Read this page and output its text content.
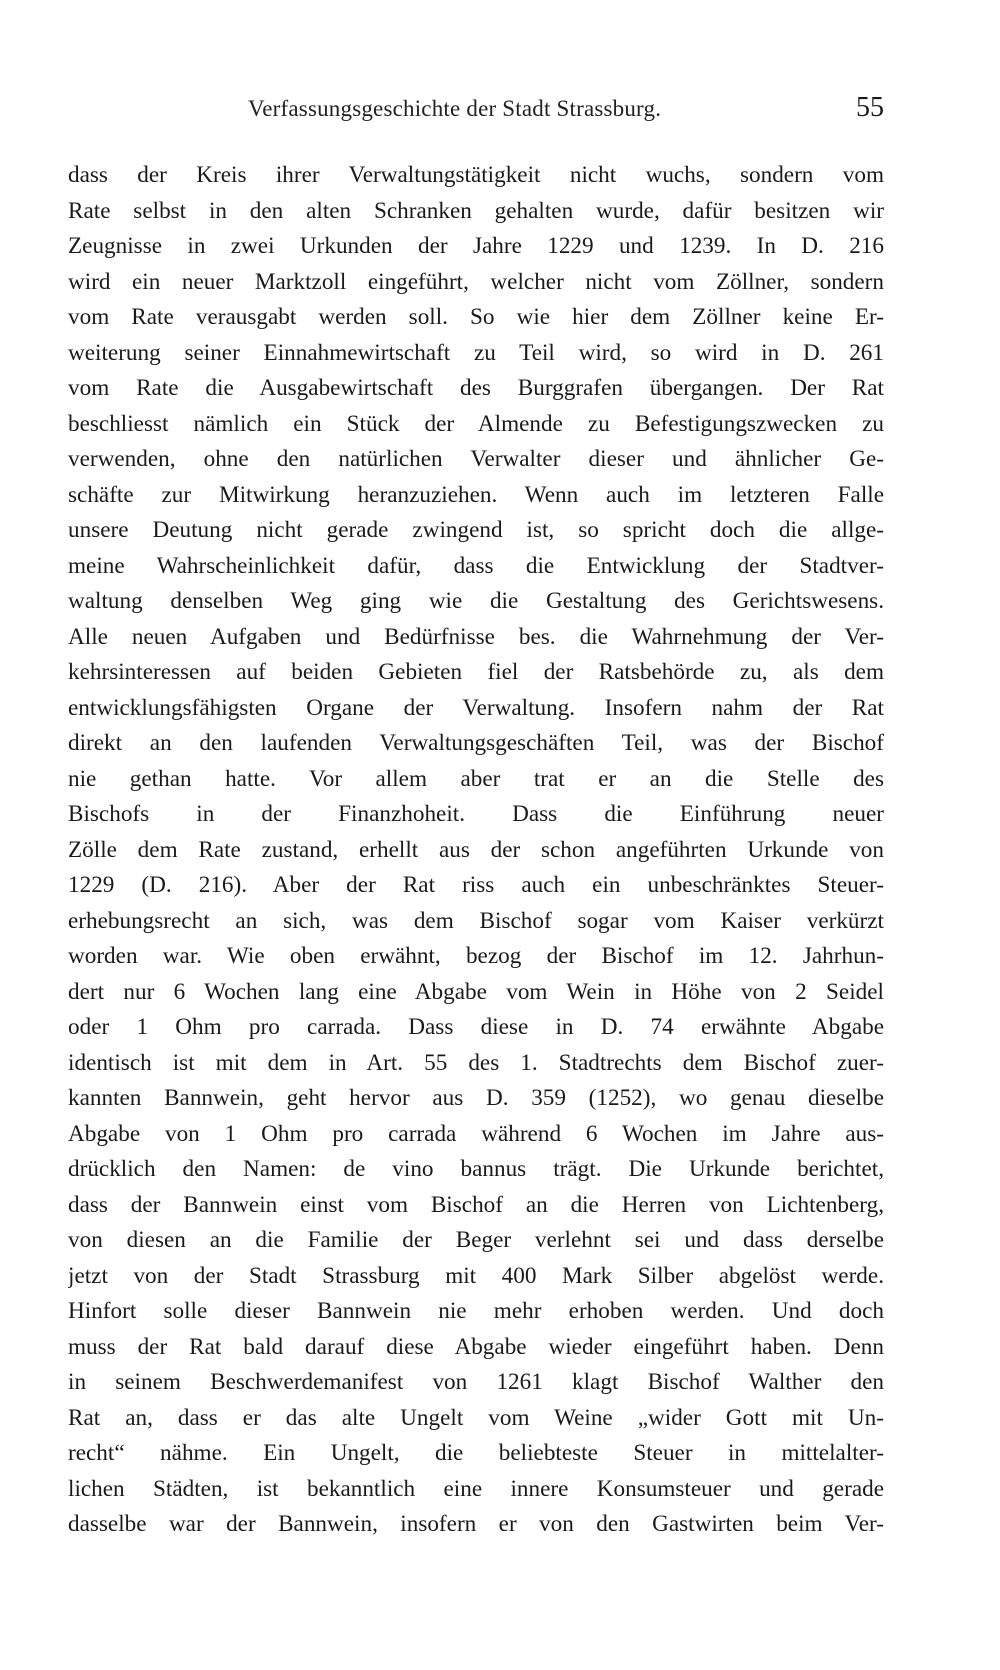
Verfassungsgeschichte der Stadt Strassburg.	55
dass der Kreis ihrer Verwaltungstätigkeit nicht wuchs, sondern vom
Rate selbst in den alten Schranken gehalten wurde, dafür besitzen wir
Zeugnisse in zwei Urkunden der Jahre 1229 und 1239. In D. 216
wird ein neuer Marktzoll eingeführt, welcher nicht vom Zöllner, sondern
vom Rate verausgabt werden soll. So wie hier dem Zöllner keine Er-
weiterung seiner Einnahmewirtschaft zu Teil wird, so wird in D. 261
vom Rate die Ausgabewirtschaft des Burggrafen übergangen. Der Rat
beschliesst nämlich ein Stück der Almende zu Befestigungszwecken zu
verwenden, ohne den natürlichen Verwalter dieser und ähnlicher Ge-
schäfte zur Mitwirkung heranzuziehen. Wenn auch im letzteren Falle
unsere Deutung nicht gerade zwingend ist, so spricht doch die allge-
meine Wahrscheinlichkeit dafür, dass die Entwicklung der Stadtver-
waltung denselben Weg ging wie die Gestaltung des Gerichtswesens.
Alle neuen Aufgaben und Bedürfnisse bes. die Wahrnehmung der Ver-
kehrsinteressen auf beiden Gebieten fiel der Ratsbehörde zu, als dem
entwicklungsfähigsten Organe der Verwaltung. Insofern nahm der Rat
direkt an den laufenden Verwaltungsgeschäften Teil, was der Bischof
nie gethan hatte. Vor allem aber trat er an die Stelle des
Bischofs in der Finanzhoheit. Dass die Einführung neuer
Zölle dem Rate zustand, erhellt aus der schon angeführten Urkunde von
1229 (D. 216). Aber der Rat riss auch ein unbeschränktes Steuer-
erhebungsrecht an sich, was dem Bischof sogar vom Kaiser verkürzt
worden war. Wie oben erwähnt, bezog der Bischof im 12. Jahrhun-
dert nur 6 Wochen lang eine Abgabe vom Wein in Höhe von 2 Seidel
oder 1 Ohm pro carrada. Dass diese in D. 74 erwähnte Abgabe
identisch ist mit dem in Art. 55 des 1. Stadtrechts dem Bischof zuer-
kannten Bannwein, geht hervor aus D. 359 (1252), wo genau dieselbe
Abgabe von 1 Ohm pro carrada während 6 Wochen im Jahre aus-
drücklich den Namen: de vino bannus trägt. Die Urkunde berichtet,
dass der Bannwein einst vom Bischof an die Herren von Lichtenberg,
von diesen an die Familie der Beger verlehnt sei und dass derselbe
jetzt von der Stadt Strassburg mit 400 Mark Silber abgelöst werde.
Hinfort solle dieser Bannwein nie mehr erhoben werden. Und doch
muss der Rat bald darauf diese Abgabe wieder eingeführt haben. Denn
in seinem Beschwerdemanifest von 1261 klagt Bischof Walther den
Rat an, dass er das alte Ungelt vom Weine „wider Gott mit Un-
recht“ nähme. Ein Ungelt, die beliebteste Steuer in mittelalter-
lichen Städten, ist bekanntlich eine innere Konsumsteuer und gerade
dasselbe war der Bannwein, insofern er von den Gastwirten beim Ver-
